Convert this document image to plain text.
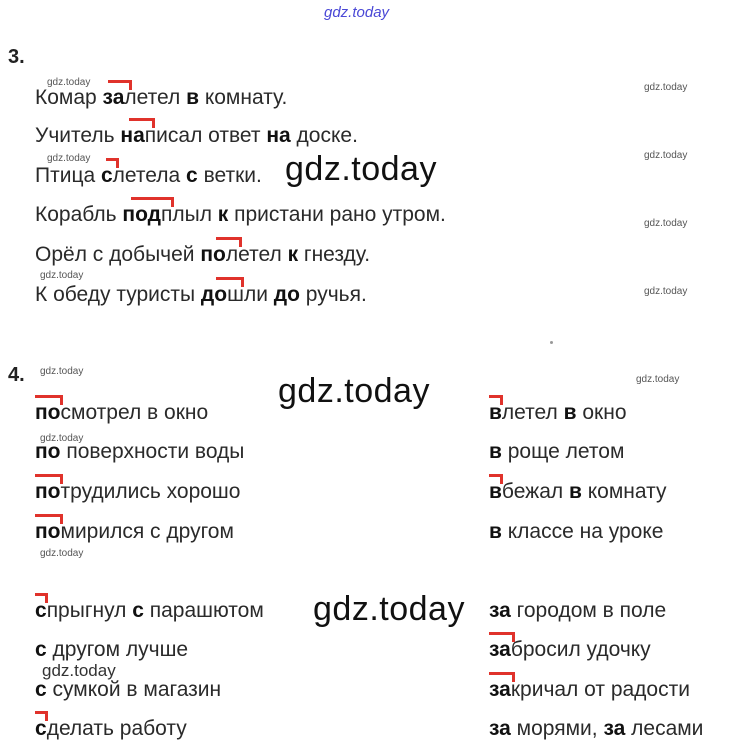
gdz.today
3.
Комар залетел в комнату.
Учитель написал ответ на доске.
Птица слетела с ветки.
Корабль подплыл к пристани рано утром.
Орёл с добычей полетел к гнезду.
К обеду туристы дошли до ручья.
gdz.today
gdz.today
gdz.today
gdz.today
gdz.today
gdz.today
gdz.today
gdz.today
4. gdz.today
gdz.today
gdz.today
посмотрел в окно
по поверхности воды
потрудились хорошо
помирился с другом
gdz.today
gdz.today
влетел в окно
в роще летом
вбежал в комнату
в классе на уроке
спрыгнул с парашютом
с другом лучше
с сумкой в магазин
сделать работу
gdz.today
gdz.today за городом в поле
забросил удочку
закричал от радости
за морями, за лесами
